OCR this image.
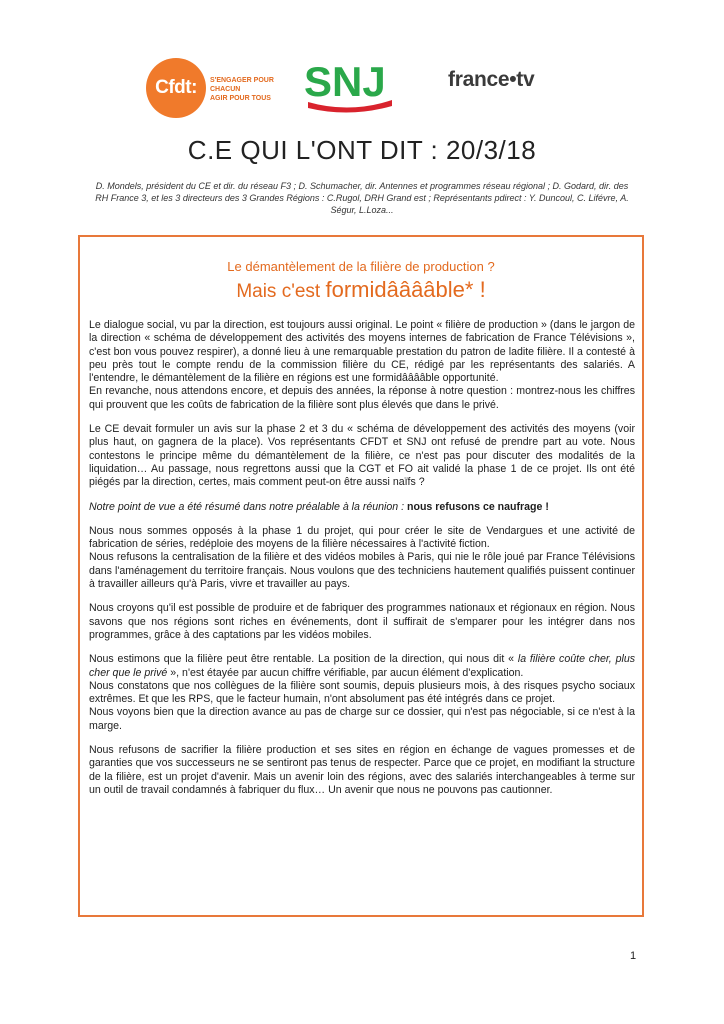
Cfdt: S'ENGAGER POUR CHACUN
AGIR POUR TOUS SNJ	france•tv
C.E QUI L'ONT DIT : 20/3/18
D. Mondels, président du CE et dir. du réseau F3 ; D. Schumacher, dir. Antennes et programmes réseau régional ; D. Godard, dir. des RH France 3, et les 3 directeurs des 3 Grandes Régions : C.Rugol, DRH Grand est ; Représentants pdirect : Y. Duncoul, C. Lifévre, A. Ségur, L.Loza...
Le démantèlement de la filière de production ?
Mais c'est formidââââble* !

Le dialogue social, vu par la direction, est toujours aussi original. Le point « filière de production » (dans le jargon de la direction « schéma de développement des activités des moyens internes de fabrication de France Télévisions », c'est bon vous pouvez respirer), a donné lieu à une remarquable prestation du patron de ladite filière. Il a contesté à peu près tout le compte rendu de la commission filière du CE, rédigé par les représentants des salariés. A l'entendre, le démantèlement de la filière en régions est une formidââââble opportunité.
En revanche, nous attendons encore, et depuis des années, la réponse à notre question : montrez-nous les chiffres qui prouvent que les coûts de fabrication de la filière sont plus élevés que dans le privé.

Le CE devait formuler un avis sur la phase 2 et 3 du « schéma de développement des activités des moyens (voir plus haut, on gagnera de la place). Vos représentants CFDT et SNJ ont refusé de prendre part au vote. Nous contestons le principe même du démantèlement de la filière, ce n'est pas pour discuter des modalités de la liquidation… Au passage, nous regrettons aussi que la CGT et FO ait validé la phase 1 de ce projet. Ils ont été piégés par la direction, certes, mais comment peut-on être aussi naïfs ?

Notre point de vue a été résumé dans notre préalable à la réunion : nous refusons ce naufrage !

Nous nous sommes opposés à la phase 1 du projet, qui pour créer le site de Vendargues et une activité de fabrication de séries, redéploie des moyens de la filière nécessaires à l'activité fiction.
Nous refusons la centralisation de la filière et des vidéos mobiles à Paris, qui nie le rôle joué par France Télévisions dans l'aménagement du territoire français. Nous voulons que des techniciens hautement qualifiés puissent continuer à travailler ailleurs qu'à Paris, vivre et travailler au pays.

Nous croyons qu'il est possible de produire et de fabriquer des programmes nationaux et régionaux en région. Nous savons que nos régions sont riches en événements, dont il suffirait de s'emparer pour les intégrer dans nos programmes, grâce à des captations par les vidéos mobiles.

Nous estimons que la filière peut être rentable. La position de la direction, qui nous dit « la filière coûte cher, plus cher que le privé », n'est étayée par aucun chiffre vérifiable, par aucun élément d'explication.
Nous constatons que nos collègues de la filière sont soumis, depuis plusieurs mois, à des risques psycho sociaux extrêmes. Et que les RPS, que le facteur humain, n'ont absolument pas été intégrés dans ce projet.
Nous voyons bien que la direction avance au pas de charge sur ce dossier, qui n'est pas négociable, si ce n'est à la marge.

Nous refusons de sacrifier la filière production et ses sites en région en échange de vagues promesses et de garanties que vos successeurs ne se sentiront pas tenus de respecter. Parce que ce projet, en modifiant la structure de la filière, est un projet d'avenir. Mais un avenir loin des régions, avec des salariés interchangeables à terme sur un outil de travail condamnés à fabriquer du flux… Un avenir que nous ne pouvons pas cautionner.

1
